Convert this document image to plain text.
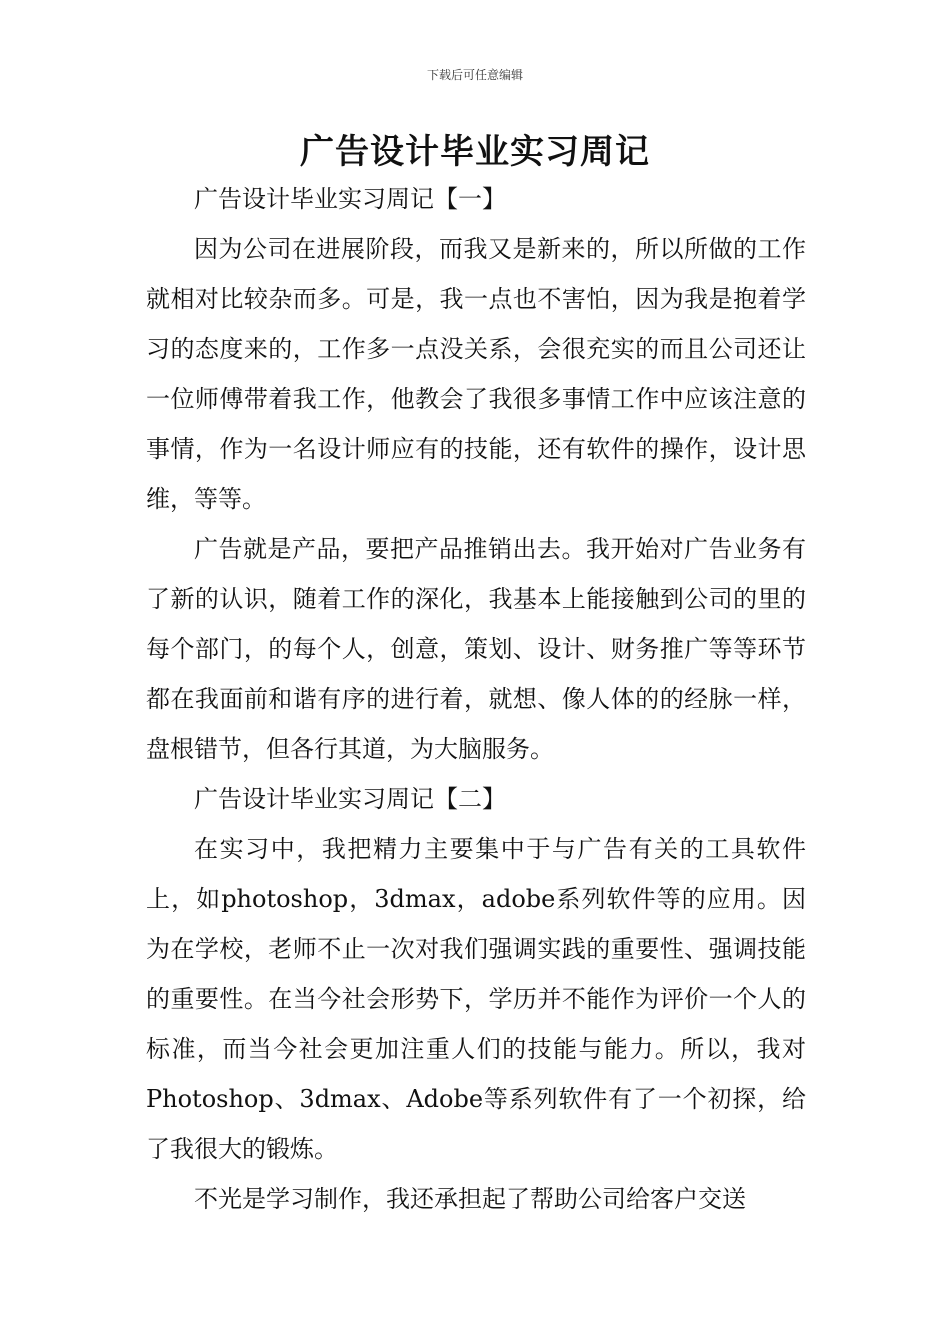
下载后可任意编辑
广告设计毕业实习周记

广告设计毕业实习周记【一】

因为公司在进展阶段，而我又是新来的，所以所做的工作就相对比较杂而多。可是，我一点也不害怕，因为我是抱着学习的态度来的，工作多一点没关系，会很充实的而且公司还让一位师傅带着我工作，他教会了我很多事情工作中应该注意的事情，作为一名设计师应有的技能，还有软件的操作，设计思维，等等。

广告就是产品，要把产品推销出去。我开始对广告业务有了新的认识，随着工作的深化，我基本上能接触到公司的里的每个部门，的每个人，创意，策划、设计、财务推广等等环节都在我面前和谐有序的进行着，就想、像人体的的经脉一样，盘根错节，但各行其道，为大脑服务。

广告设计毕业实习周记【二】

在实习中，我把精力主要集中于与广告有关的工具软件上，如photoshop，3dmax，adobe系列软件等的应用。因为在学校，老师不止一次对我们强调实践的重要性、强调技能的重要性。在当今社会形势下，学历并不能作为评价一个人的标准，而当今社会更加注重人们的技能与能力。所以，我对Photoshop、3dmax、Adobe等系列软件有了一个初探，给了我很大的锻炼。

不光是学习制作，我还承担起了帮助公司给客户交送
